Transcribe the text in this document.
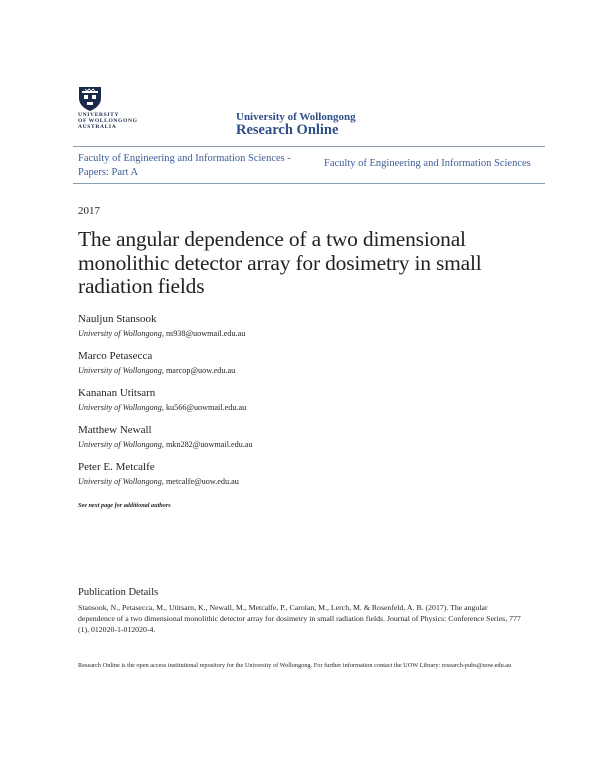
UNIVERSITY
OF WOLLONGONG
AUSTRALIA
University of Wollongong
Research Online
Faculty of Engineering and Information Sciences - Papers: Part A
Faculty of Engineering and Information Sciences
2017
The angular dependence of a two dimensional monolithic detector array for dosimetry in small radiation fields
Nauljun Stansook
University of Wollongong, ns938@uowmail.edu.au
Marco Petasecca
University of Wollongong, marcop@uow.edu.au
Kananan Utitsarn
University of Wollongong, ku566@uowmail.edu.au
Matthew Newall
University of Wollongong, mkn282@uowmail.edu.au
Peter E. Metcalfe
University of Wollongong, metcalfe@uow.edu.au
See next page for additional authors
Publication Details
Stansook, N., Petasecca, M., Utitsarn, K., Newall, M., Metcalfe, P., Carolan, M., Lerch, M. & Rosenfeld, A. B. (2017). The angular dependence of a two dimensional monolithic detector array for dosimetry in small radiation fields. Journal of Physics: Conference Series, 777 (1), 012020-1-012020-4.
Research Online is the open access institutional repository for the University of Wollongong. For further information contact the UOW Library: research-pubs@uow.edu.au
